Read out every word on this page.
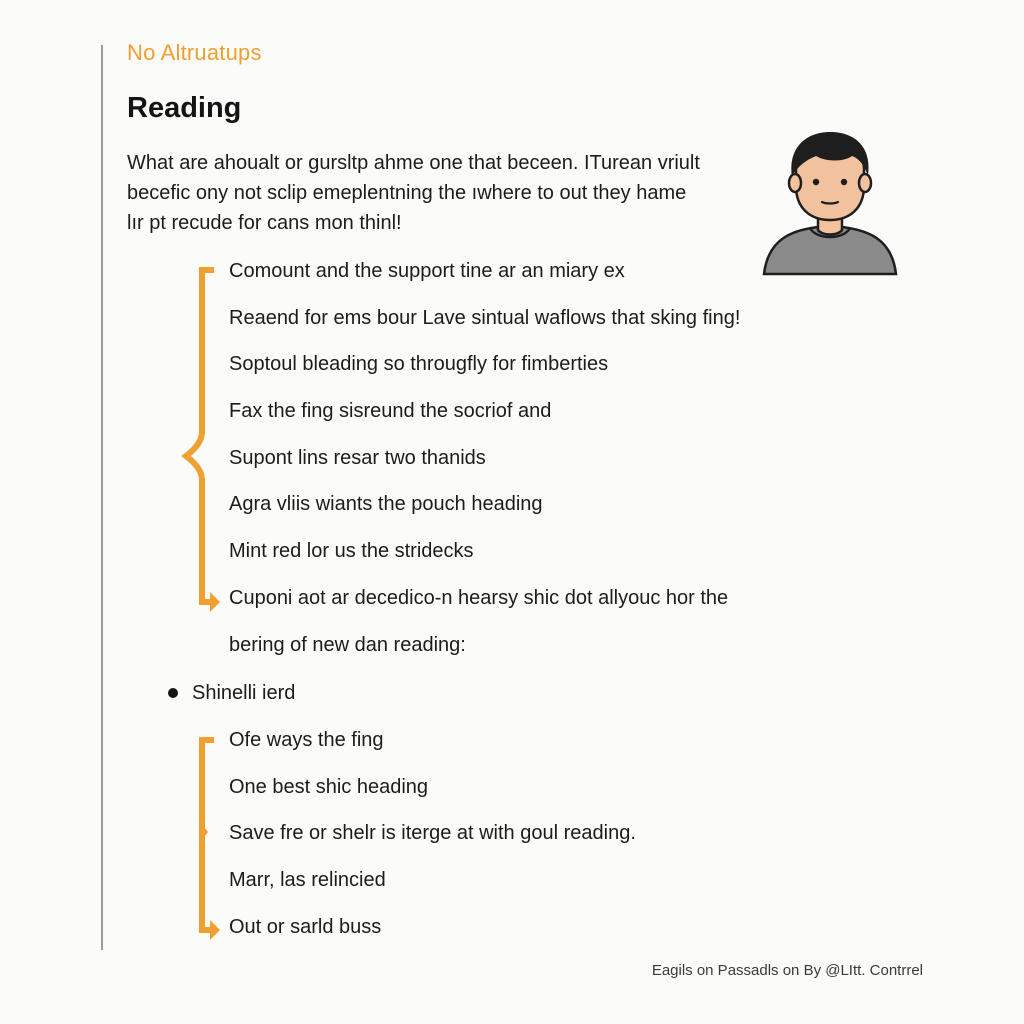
No Altruatups
Reading
What are ahoualt or gursltp ahme one that beceen. ITurean vriult
becefic ony not sclip emeplentning the ıwhere to out they hame
lır pt recude for cans mon thinl!
Comount and the support tine ar an miary ex
Reaend for ems bour Lave sintual waflows that sking fing!
Soptoul bleading so througfly for fimberties
Fax the fing sisreund the socriof and
Supont lins resar two thanids
Agra vliis wiants the pouch heading
Mint red lor us the stridecks
Cuponi aot ar decedico-n hearsy shic dot allyouc hor the
bering of new dan reading:
Shinelli ierd
Ofe ways the fing
One best shic heading
Save fre or shelr is iterge at with goul reading.
Marr, las relincied
Out or sarld buss
Eagils on Passadls on By @LItt. Contrrel
